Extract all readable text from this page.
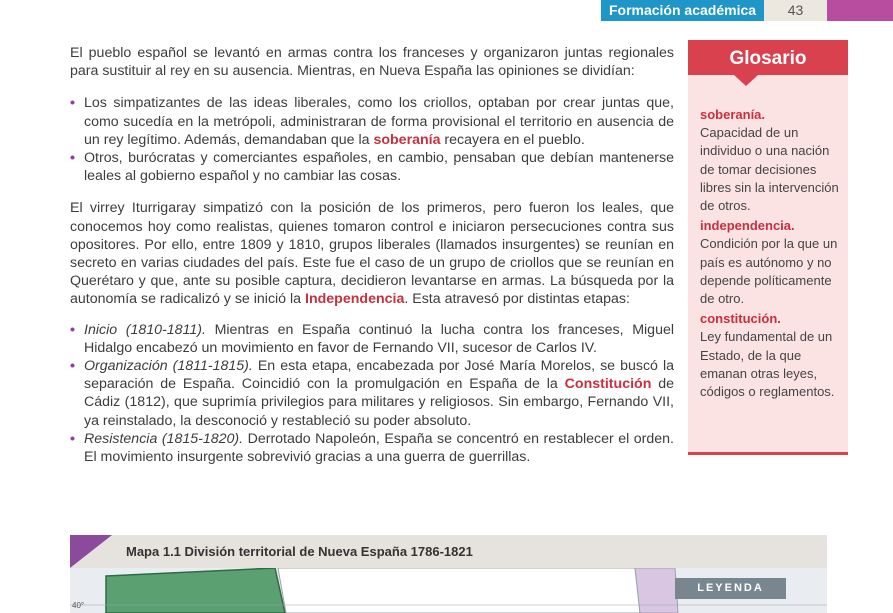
Formación académica	43

El pueblo español se levantó en armas contra los franceses y organizaron juntas regionales para sustituir al rey en su ausencia. Mientras, en Nueva España las opiniones se dividían:

• Los simpatizantes de las ideas liberales, como los criollos, optaban por crear juntas que, como sucedía en la metrópoli, administraran de forma provisional el territorio en ausencia de un rey legítimo. Además, demandaban que la soberanía recayera en el pueblo.
• Otros, burócratas y comerciantes españoles, en cambio, pensaban que debían mantenerse leales al gobierno español y no cambiar las cosas.

El virrey Iturrigaray simpatizó con la posición de los primeros, pero fueron los leales, que conocemos hoy como realistas, quienes tomaron control e iniciaron persecuciones contra sus opositores. Por ello, entre 1809 y 1810, grupos liberales (llamados insurgentes) se reunían en secreto en varias ciudades del país. Este fue el caso de un grupo de criollos que se reunían en Querétaro y que, ante su posible captura, decidieron levantarse en armas. La búsqueda por la autonomía se radicalizó y se inició la Independencia. Esta atravesó por distintas etapas:

• Inicio (1810-1811). Mientras en España continuó la lucha contra los franceses, Miguel Hidalgo encabezó un movimiento en favor de Fernando VII, sucesor de Carlos IV.
• Organización (1811-1815). En esta etapa, encabezada por José María Morelos, se buscó la separación de España. Coincidió con la promulgación en España de la Constitución de Cádiz (1812), que suprimía privilegios para militares y religiosos. Sin embargo, Fernando VII, ya reinstalado, la desconoció y restableció su poder absoluto.
• Resistencia (1815-1820). Derrotado Napoleón, España se concentró en restablecer el orden. El movimiento insurgente sobrevivió gracias a una guerra de guerrillas.
Glosario
soberanía.
Capacidad de un individuo o una nación de tomar decisiones libres sin la intervención de otros.
independencia.
Condición por la que un país es autónomo y no depende políticamente de otro.
constitución.
Ley fundamental de un Estado, de la que emanan otras leyes, códigos o reglamentos.
Mapa 1.1 División territorial de Nueva España 1786-1821
40°
LEYENDA
